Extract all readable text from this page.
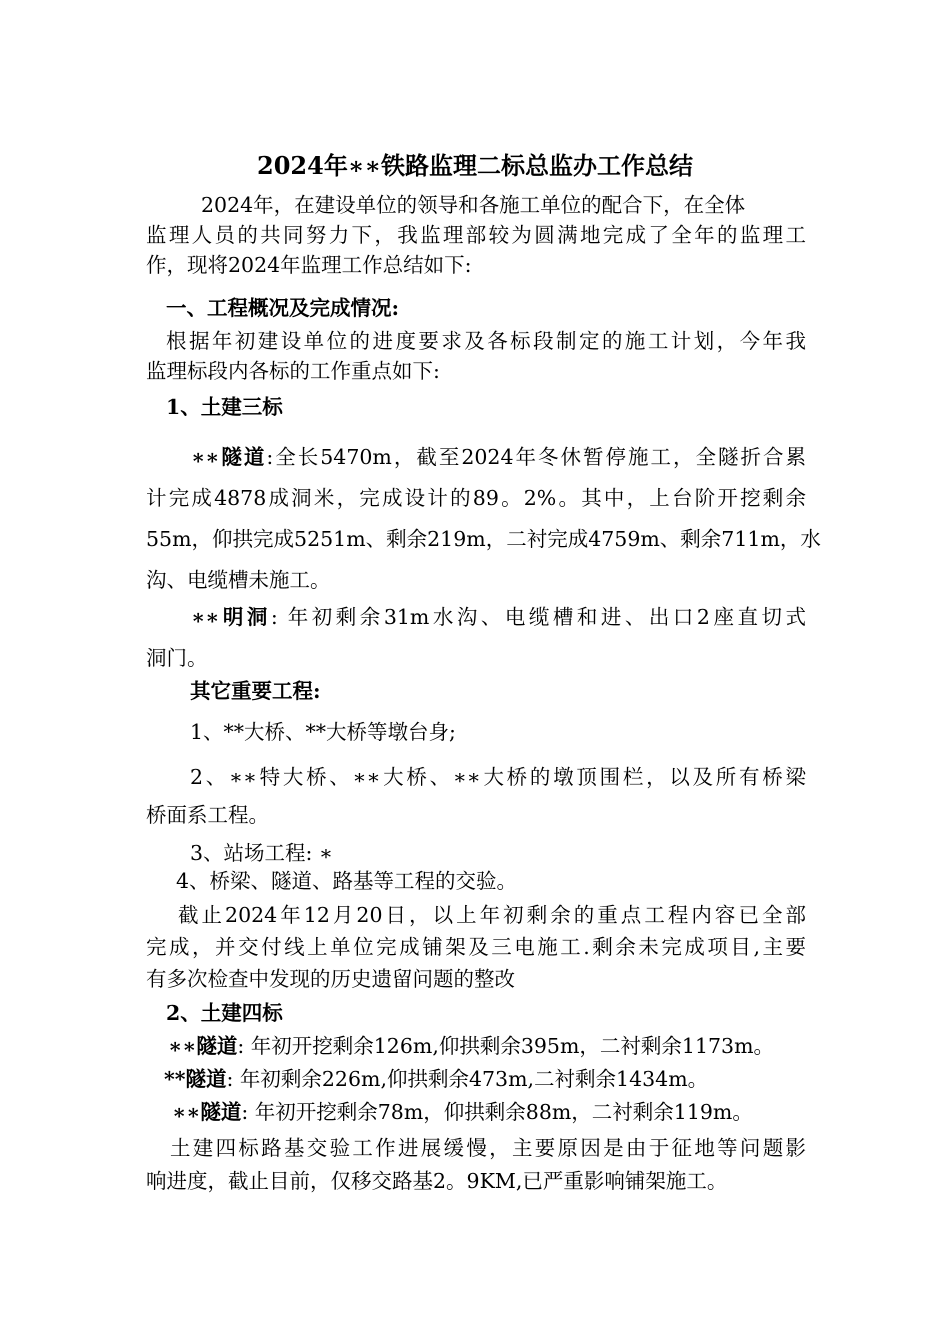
2024年∗∗铁路监理二标总监办工作总结
2024年，在建设单位的领导和各施工单位的配合下，在全体
监理人员的共同努力下，我监理部较为圆满地完成了全年的监理工
作，现将2024年监理工作总结如下:
一、工程概况及完成情况:
根据年初建设单位的进度要求及各标段制定的施工计划，今年我
监理标段内各标的工作重点如下:
1、土建三标
∗∗隧道:全长5470m，截至2024年冬休暂停施工，全隧折合累
计完成4878成洞米，完成设计的89。2%。其中，上台阶开挖剩余
55m，仰拱完成5251m、剩余219m，二衬完成4759m、剩余711m，水
沟、电缆槽未施工。
∗∗明洞: 年初剩余31m水沟、电缆槽和进、出口2座直切式
洞门。
其它重要工程:
1、**大桥、**大桥等墩台身;
2、∗∗特大桥、∗∗大桥、∗∗大桥的墩顶围栏，以及所有桥梁
桥面系工程。
3、站场工程: ∗
4、桥梁、隧道、路基等工程的交验。
截止2024年12月20日，以上年初剩余的重点工程内容已全部
完成，并交付线上单位完成铺架及三电施工.剩余未完成项目,主要
有多次检查中发现的历史遗留问题的整改
2、土建四标
∗∗隧道: 年初开挖剩余126m,仰拱剩余395m，二衬剩余1173m。
**隧道: 年初剩余226m,仰拱剩余473m,二衬剩余1434m。
∗∗隧道: 年初开挖剩余78m，仰拱剩余88m，二衬剩余119m。
土建四标路基交验工作进展缓慢，主要原因是由于征地等问题影
响进度，截止目前，仅移交路基2。9KM,已严重影响铺架施工。
